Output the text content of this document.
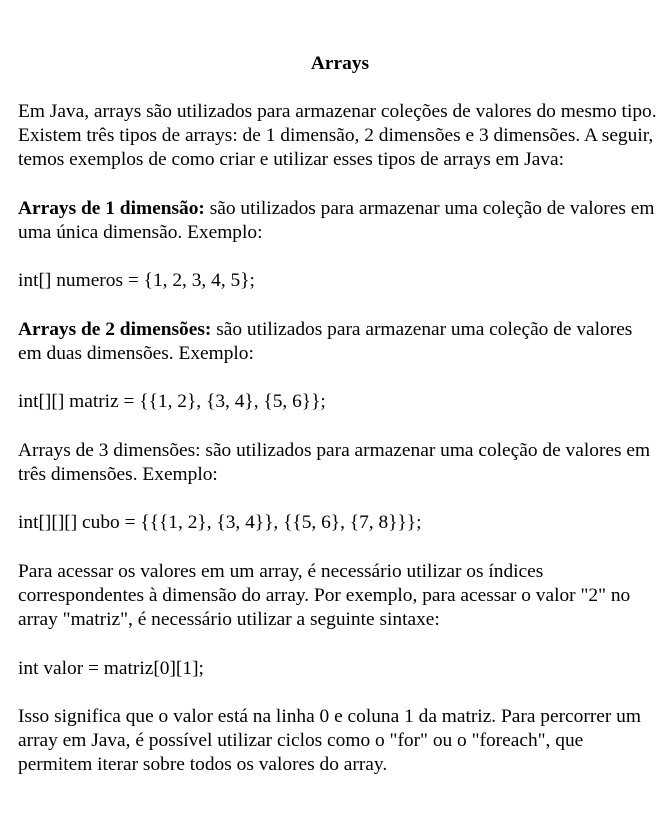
Arrays

Em Java, arrays são utilizados para armazenar coleções de valores do mesmo tipo. Existem três tipos de arrays: de 1 dimensão, 2 dimensões e 3 dimensões. A seguir, temos exemplos de como criar e utilizar esses tipos de arrays em Java:

Arrays de 1 dimensão: são utilizados para armazenar uma coleção de valores em uma única dimensão. Exemplo:

int[] numeros = {1, 2, 3, 4, 5};

Arrays de 2 dimensões: são utilizados para armazenar uma coleção de valores em duas dimensões. Exemplo:

int[][] matriz = {{1, 2}, {3, 4}, {5, 6}};

Arrays de 3 dimensões: são utilizados para armazenar uma coleção de valores em três dimensões. Exemplo:

int[][][] cubo = {{{1, 2}, {3, 4}}, {{5, 6}, {7, 8}}};

Para acessar os valores em um array, é necessário utilizar os índices correspondentes à dimensão do array. Por exemplo, para acessar o valor "2" no array "matriz", é necessário utilizar a seguinte sintaxe:

int valor = matriz[0][1];

Isso significa que o valor está na linha 0 e coluna 1 da matriz. Para percorrer um array em Java, é possível utilizar ciclos como o "for" ou o "foreach", que permitem iterar sobre todos os valores do array.
